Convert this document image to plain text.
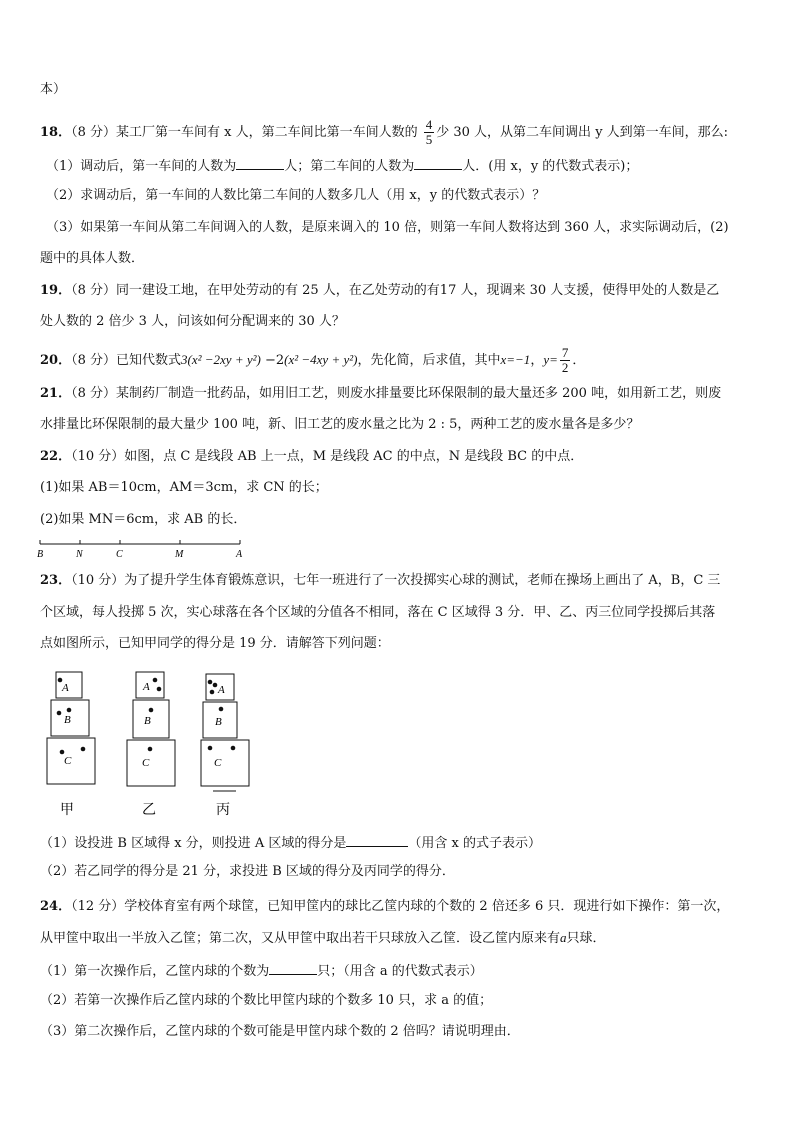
本）
18．（8 分）某工厂第一车间有 x 人，第二车间比第一车间人数的 $\frac{4}{5}$ 少 30 人，从第二车间调出 y 人到第一车间，那么:
（1）调动后，第一车间的人数为	人；第二车间的人数为	人．(用 x，y 的代数式表示)；
（2）求调动后，第一车间的人数比第二车间的人数多几人（用 x，y 的代数式表示）？
（3）如果第一车间从第二车间调入的人数，是原来调入的 10 倍，则第一车间人数将达到 360 人，求实际调动后，(2)
题中的具体人数．
19．（8 分）同一建设工地，在甲处劳动的有 25 人，在乙处劳动的有17 人，现调来 30 人支援，使得甲处的人数是乙
处人数的 2 倍少 3 人，问该如何分配调来的 30 人？
20．（8 分）已知代数式3(x² −2xy + y²) −2(x² −4xy + y²)，先化简，后求值，其中x=−1，$y= \frac{7}{2}$ ．
21．（8 分）某制药厂制造一批药品，如用旧工艺，则废水排量要比环保限制的最大量还多 200 吨，如用新工艺，则废
水排量比环保限制的最大量少 100 吨，新、旧工艺的废水量之比为 2 : 5，两种工艺的废水量各是多少？
22．（10 分）如图，点 C 是线段 AB 上一点，M 是线段 AC 的中点，N 是线段 BC 的中点．
(1)如果 AB＝10cm，AM＝3cm，求 CN 的长；
(2)如果 MN＝6cm，求 AB 的长．
B	N	C	M	A
23．（10 分）为了提升学生体育锻炼意识，七年一班进行了一次投掷实心球的测试，老师在操场上画出了 A，B，C 三
个区域，每人投掷 5 次，实心球落在各个区域的分值各不相同，落在 C 区域得 3 分．甲、乙、丙三位同学投掷后其落
点如图所示，已知甲同学的得分是 19 分．请解答下列问题：
A
B
C
A
B
C
A
B
C
甲	乙	丙
（1）设投进 B 区域得 x 分，则投进 A 区域的得分是	（用含 x 的式子表示）
（2）若乙同学的得分是 21 分，求投进 B 区域的得分及丙同学的得分．
24．（12 分）学校体育室有两个球筐，已知甲筐内的球比乙筐内球的个数的 2 倍还多 6 只．现进行如下操作：第一次，
从甲筐中取出一半放入乙筐；第二次，又从甲筐中取出若干只球放入乙筐．设乙筐内原来有a只球．
（1）第一次操作后，乙筐内球的个数为	只；（用含 a 的代数式表示）
（2）若第一次操作后乙筐内球的个数比甲筐内球的个数多 10 只，求 a 的值；
（3）第二次操作后，乙筐内球的个数可能是甲筐内球个数的 2 倍吗？请说明理由．
